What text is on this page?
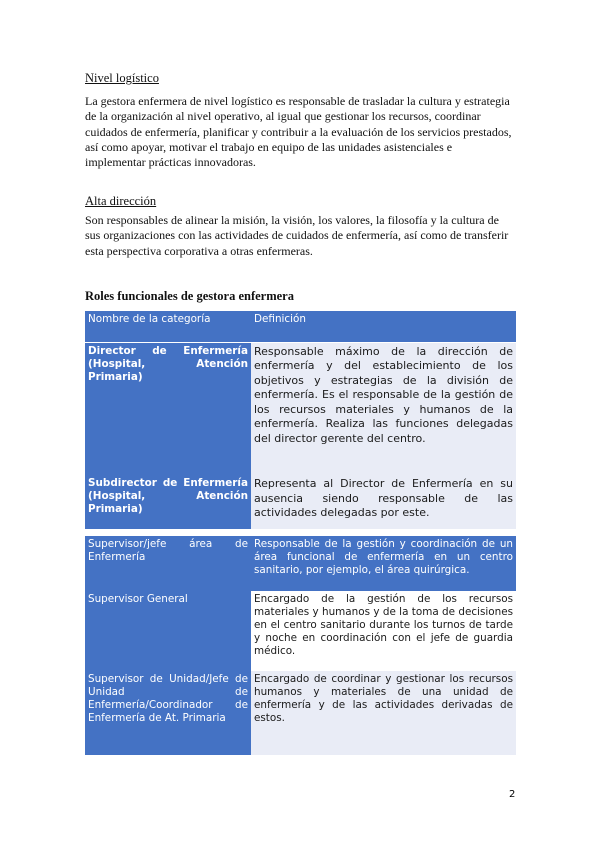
Nivel logístico
La gestora enfermera de nivel logístico es responsable de trasladar la cultura y estrategia de la organización al nivel operativo, al igual que gestionar los recursos, coordinar cuidados de enfermería, planificar y contribuir a la evaluación de los servicios prestados, así como apoyar, motivar el trabajo en equipo de las unidades asistenciales e implementar prácticas innovadoras.
Alta dirección
Son responsables de alinear la misión, la visión, los valores, la filosofía y la cultura de sus organizaciones con las actividades de cuidados de enfermería, así como de transferir esta perspectiva corporativa a otras enfermeras.
Roles funcionales de gestora enfermera
Nombre de la categoría	Definición
Director de Enfermería (Hospital, Atención Primaria)	Responsable máximo de la dirección de enfermería y del establecimiento de los objetivos y estrategias de la división de enfermería. Es el responsable de la gestión de los recursos materiales y humanos de la enfermería. Realiza las funciones delegadas del director gerente del centro.
Subdirector de Enfermería (Hospital, Atención Primaria)	Representa al Director de Enfermería en su ausencia siendo responsable de las actividades delegadas por este.
Supervisor/jefe área de Enfermería	Responsable de la gestión y coordinación de un área funcional de enfermería en un centro sanitario, por ejemplo, el área quirúrgica.
Supervisor General	Encargado de la gestión de los recursos materiales y humanos y de la toma de decisiones en el centro sanitario durante los turnos de tarde y noche en coordinación con el jefe de guardia médico.
Supervisor de Unidad/Jefe de Unidad de Enfermería/Coordinador de Enfermería de At. Primaria	Encargado de coordinar y gestionar los recursos humanos y materiales de una unidad de enfermería y de las actividades derivadas de estos.
2
